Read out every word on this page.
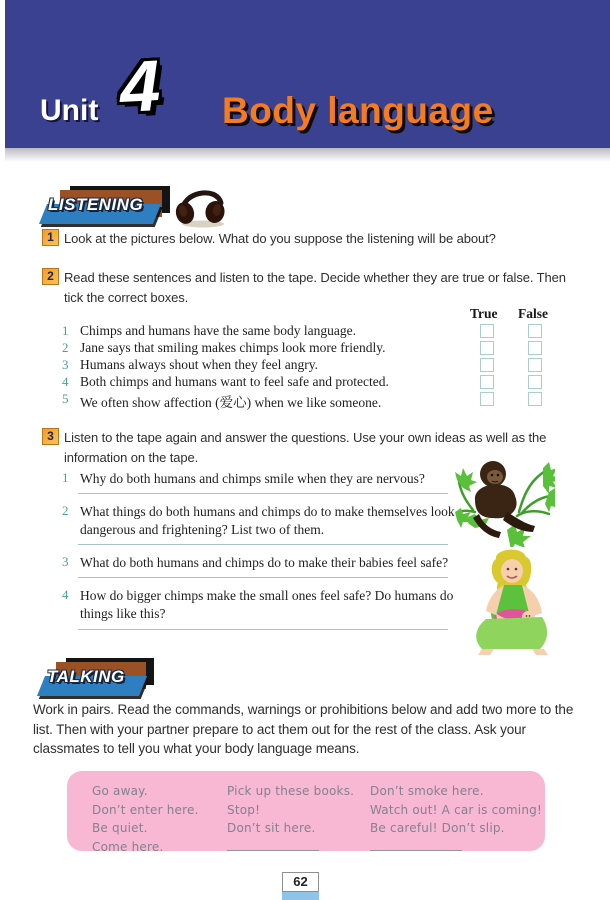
Unit 4 Body language
LISTENING
1 Look at the pictures below. What do you suppose the listening will be about?
2 Read these sentences and listen to the tape. Decide whether they are true or false. Then tick the correct boxes.
True False
1 Chimps and humans have the same body language.
2 Jane says that smiling makes chimps look more friendly.
3 Humans always shout when they feel angry.
4 Both chimps and humans want to feel safe and protected.
5 We often show affection (爱心) when we like someone.
3 Listen to the tape again and answer the questions. Use your own ideas as well as the information on the tape.
1 Why do both humans and chimps smile when they are nervous?
2 What things do both humans and chimps do to make themselves look dangerous and frightening? List two of them.
3 What do both humans and chimps do to make their babies feel safe?
4 How do bigger chimps make the small ones feel safe? Do humans do things like this?
TALKING
Work in pairs. Read the commands, warnings or prohibitions below and add two more to the list. Then with your partner prepare to act them out for the rest of the class. Ask your classmates to tell you what your body language means.
Go away.
Don’t enter here.
Be quiet.
Come here.
Pick up these books.
Stop!
Don’t sit here.
Don’t smoke here.
Watch out! A car is coming!
Be careful! Don’t slip.
62
